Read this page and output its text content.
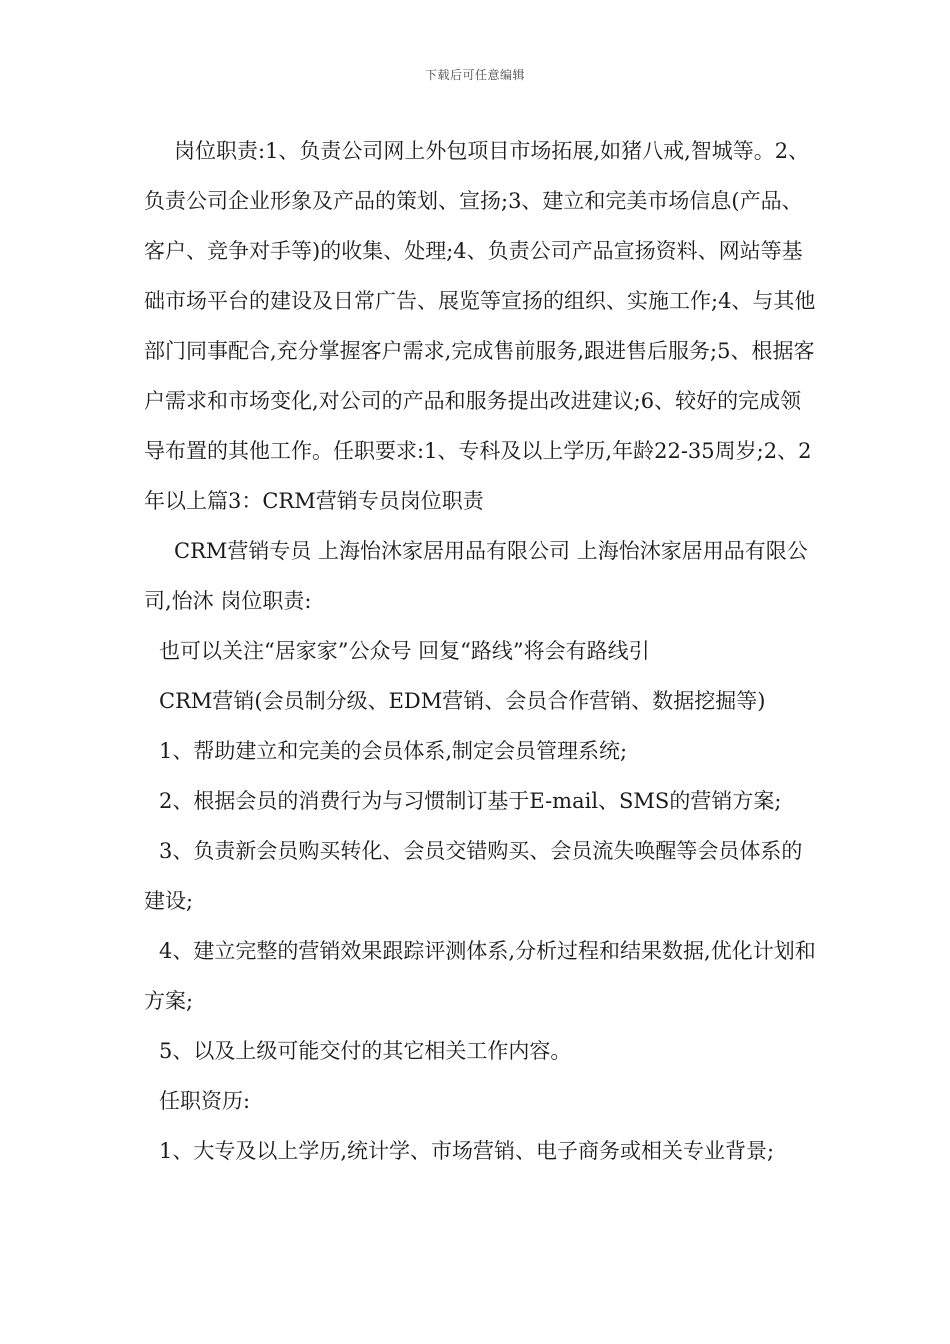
下载后可任意编辑

岗位职责:1、负责公司网上外包项目市场拓展,如猪八戒,智城等。2、负责公司企业形象及产品的策划、宣扬;3、建立和完美市场信息(产品、客户、竞争对手等)的收集、处理;4、负责公司产品宣扬资料、网站等基础市场平台的建设及日常广告、展览等宣扬的组织、实施工作;4、与其他部门同事配合,充分掌握客户需求,完成售前服务,跟进售后服务;5、根据客户需求和市场变化,对公司的产品和服务提出改进建议;6、较好的完成领导布置的其他工作。任职要求:1、专科及以上学历,年龄22-35周岁;2、2年以上篇3：CRM营销专员岗位职责

CRM营销专员 上海怡沐家居用品有限公司 上海怡沐家居用品有限公司,怡沐 岗位职责:

也可以关注“居家家”公众号 回复“路线”将会有路线引

CRM营销(会员制分级、EDM营销、会员合作营销、数据挖掘等)

1、帮助建立和完美的会员体系,制定会员管理系统;

2、根据会员的消费行为与习惯制订基于E-mail、SMS的营销方案;

3、负责新会员购买转化、会员交错购买、会员流失唤醒等会员体系的建设;

4、建立完整的营销效果跟踪评测体系,分析过程和结果数据,优化计划和方案;

5、以及上级可能交付的其它相关工作内容。

任职资历:

1、大专及以上学历,统计学、市场营销、电子商务或相关专业背景;
